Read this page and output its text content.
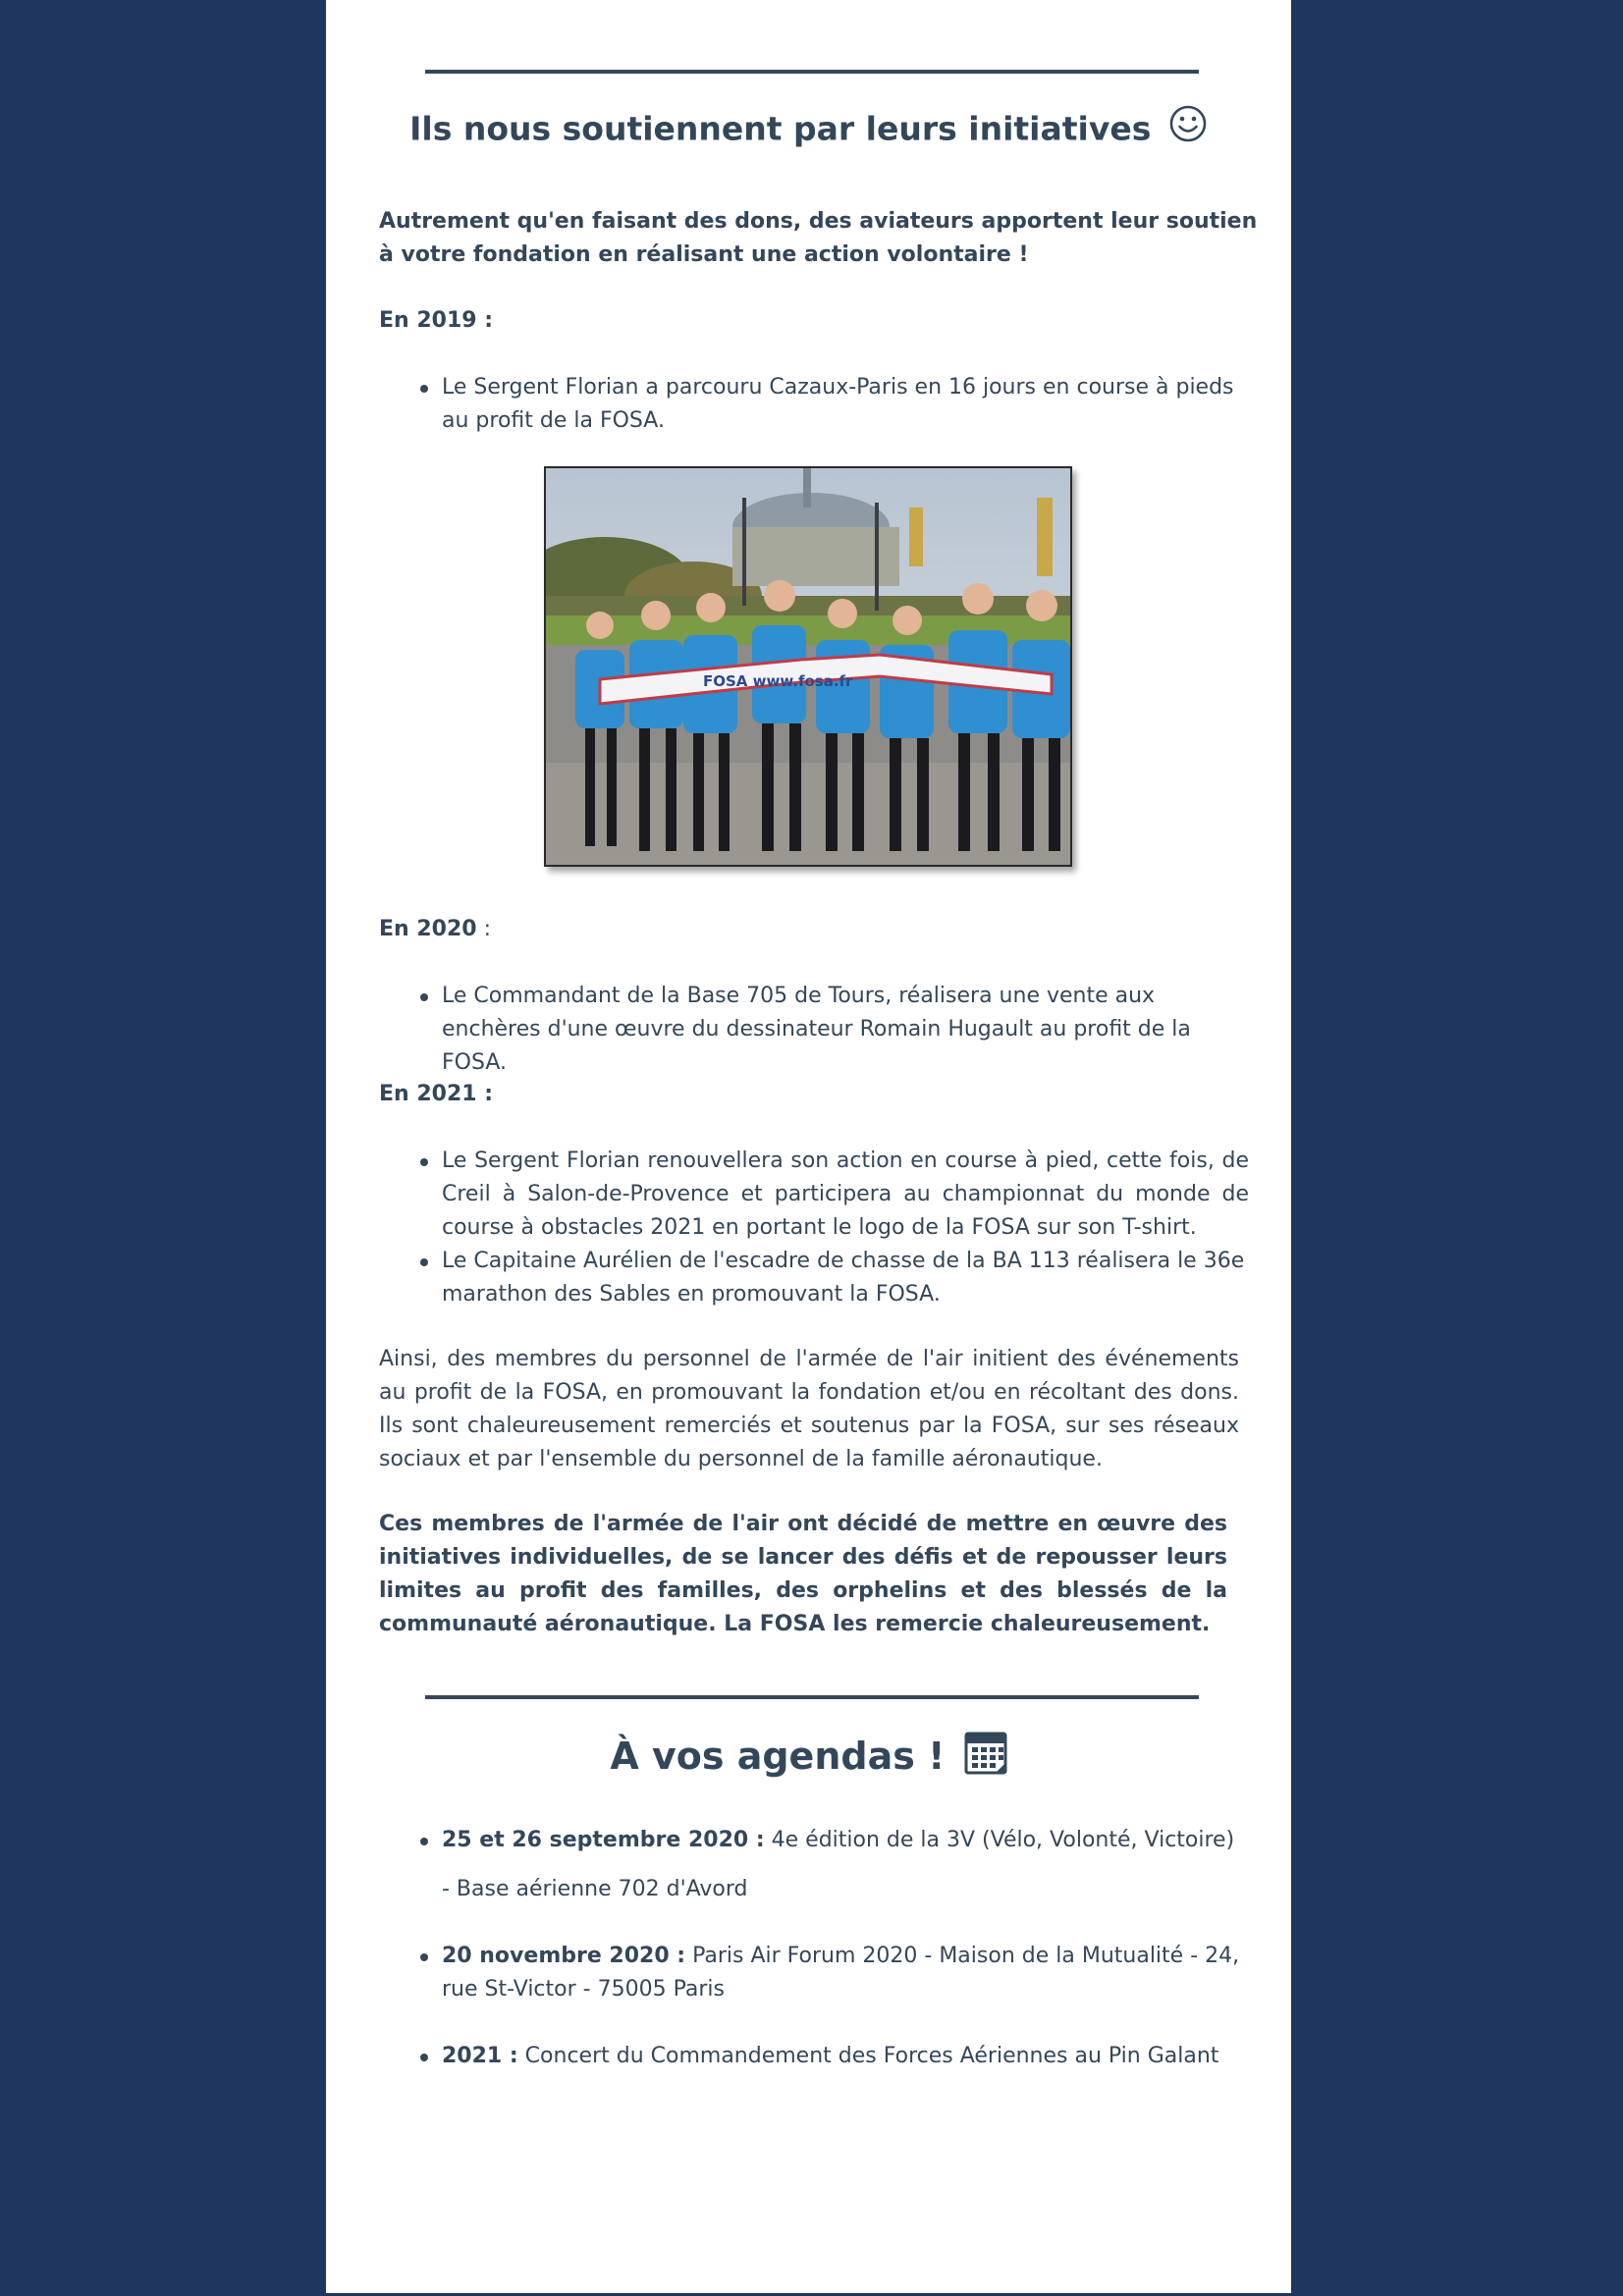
Ils nous soutiennent par leurs initiatives

Autrement qu'en faisant des dons, des aviateurs apportent leur soutien à votre fondation en réalisant une action volontaire !

En 2019 :

Le Sergent Florian a parcouru Cazaux-Paris en 16 jours en course à pieds au profit de la FOSA.
FOSA www.fosa.fr

En 2020 :

Le Commandant de la Base 705 de Tours, réalisera une vente aux enchères d'une œuvre du dessinateur Romain Hugault au profit de la FOSA.

En 2021 :

Le Sergent Florian renouvellera son action en course à pied, cette fois, de Creil à Salon-de-Provence et participera au championnat du monde de course à obstacles 2021 en portant le logo de la FOSA sur son T-shirt.
Le Capitaine Aurélien de l'escadre de chasse de la BA 113 réalisera le 36e marathon des Sables en promouvant la FOSA.

Ainsi, des membres du personnel de l'armée de l'air initient des événements au profit de la FOSA, en promouvant la fondation et/ou en récoltant des dons. Ils sont chaleureusement remerciés et soutenus par la FOSA, sur ses réseaux sociaux et par l'ensemble du personnel de la famille aéronautique.

Ces membres de l'armée de l'air ont décidé de mettre en œuvre des initiatives individuelles, de se lancer des défis et de repousser leurs limites au profit des familles, des orphelins et des blessés de la communauté aéronautique. La FOSA les remercie chaleureusement.

À vos agendas !
25 et 26 septembre 2020 : 4e édition de la 3V (Vélo, Volonté, Victoire)
- Base aérienne 702 d'Avord
20 novembre 2020 : Paris Air Forum 2020 - Maison de la Mutualité - 24, rue St-Victor - 75005 Paris
2021 : Concert du Commandement des Forces Aériennes au Pin Galant
